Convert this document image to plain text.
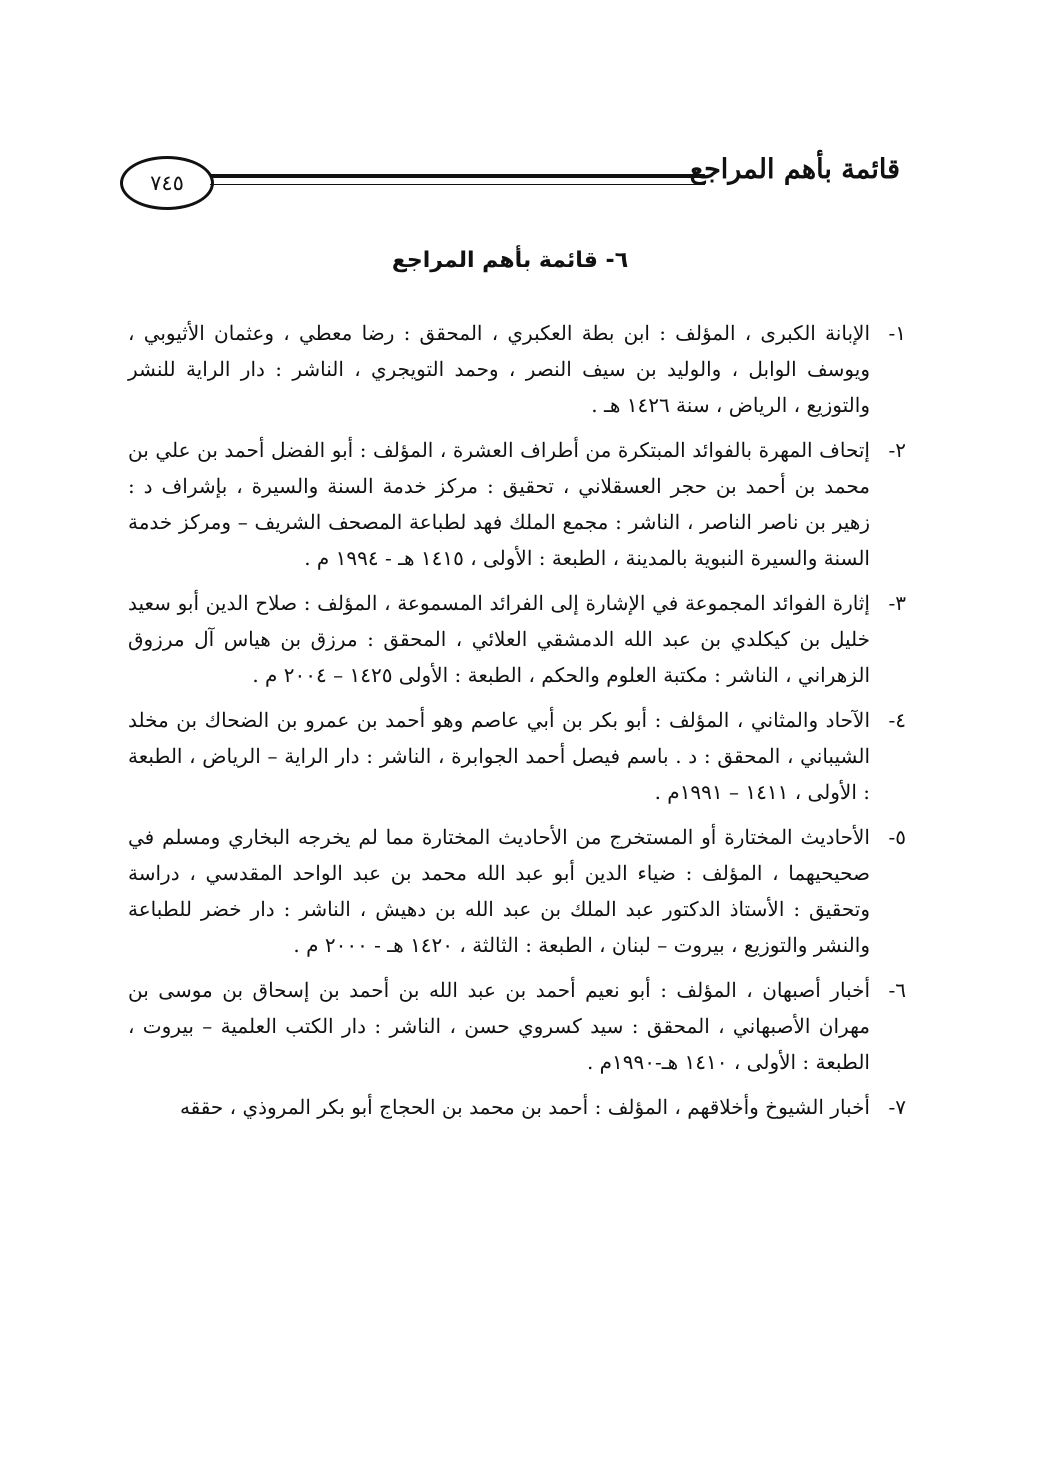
٧٤٥	قائمة بأهم المراجع
٦- قائمة بأهم المراجع
١-
الإبانة الكبرى ، المؤلف : ابن بطة العكبري ، المحقق : رضا معطي ، وعثمان الأثيوبي ، ويوسف الوابل ، والوليد بن سيف النصر ، وحمد التويجري ، الناشر : دار الراية للنشر والتوزيع ، الرياض ، سنة ١٤٢٦ هـ .
٢-
إتحاف المهرة بالفوائد المبتكرة من أطراف العشرة ، المؤلف : أبو الفضل أحمد بن علي بن محمد بن أحمد بن حجر العسقلاني ، تحقيق : مركز خدمة السنة والسيرة ، بإشراف د : زهير بن ناصر الناصر ، الناشر : مجمع الملك فهد لطباعة المصحف الشريف – ومركز خدمة السنة والسيرة النبوية بالمدينة ، الطبعة : الأولى ، ١٤١٥ هـ - ١٩٩٤ م .
٣-
إثارة الفوائد المجموعة في الإشارة إلى الفرائد المسموعة ، المؤلف : صلاح الدين أبو سعيد خليل بن كيكلدي بن عبد الله الدمشقي العلائي ، المحقق : مرزق بن هياس آل مرزوق الزهراني ، الناشر : مكتبة العلوم والحكم ، الطبعة : الأولى ١٤٢٥ – ٢٠٠٤ م .
٤-
الآحاد والمثاني ، المؤلف : أبو بكر بن أبي عاصم وهو أحمد بن عمرو بن الضحاك بن مخلد الشيباني ، المحقق : د . باسم فيصل أحمد الجوابرة ، الناشر : دار الراية – الرياض ، الطبعة : الأولى ، ١٤١١ – ١٩٩١م .
٥-
الأحاديث المختارة أو المستخرج من الأحاديث المختارة مما لم يخرجه البخاري ومسلم في صحيحيهما ، المؤلف : ضياء الدين أبو عبد الله محمد بن عبد الواحد المقدسي ، دراسة وتحقيق : الأستاذ الدكتور عبد الملك بن عبد الله بن دهيش ، الناشر : دار خضر للطباعة والنشر والتوزيع ، بيروت – لبنان ، الطبعة : الثالثة ، ١٤٢٠ هـ - ٢٠٠٠ م .
٦-
أخبار أصبهان ، المؤلف : أبو نعيم أحمد بن عبد الله بن أحمد بن إسحاق بن موسى بن مهران الأصبهاني ، المحقق : سيد كسروي حسن ، الناشر : دار الكتب العلمية – بيروت ، الطبعة : الأولى ، ١٤١٠ هـ-١٩٩٠م .
٧-
أخبار الشيوخ وأخلاقهم ، المؤلف : أحمد بن محمد بن الحجاج أبو بكر المروذي ، حققه
